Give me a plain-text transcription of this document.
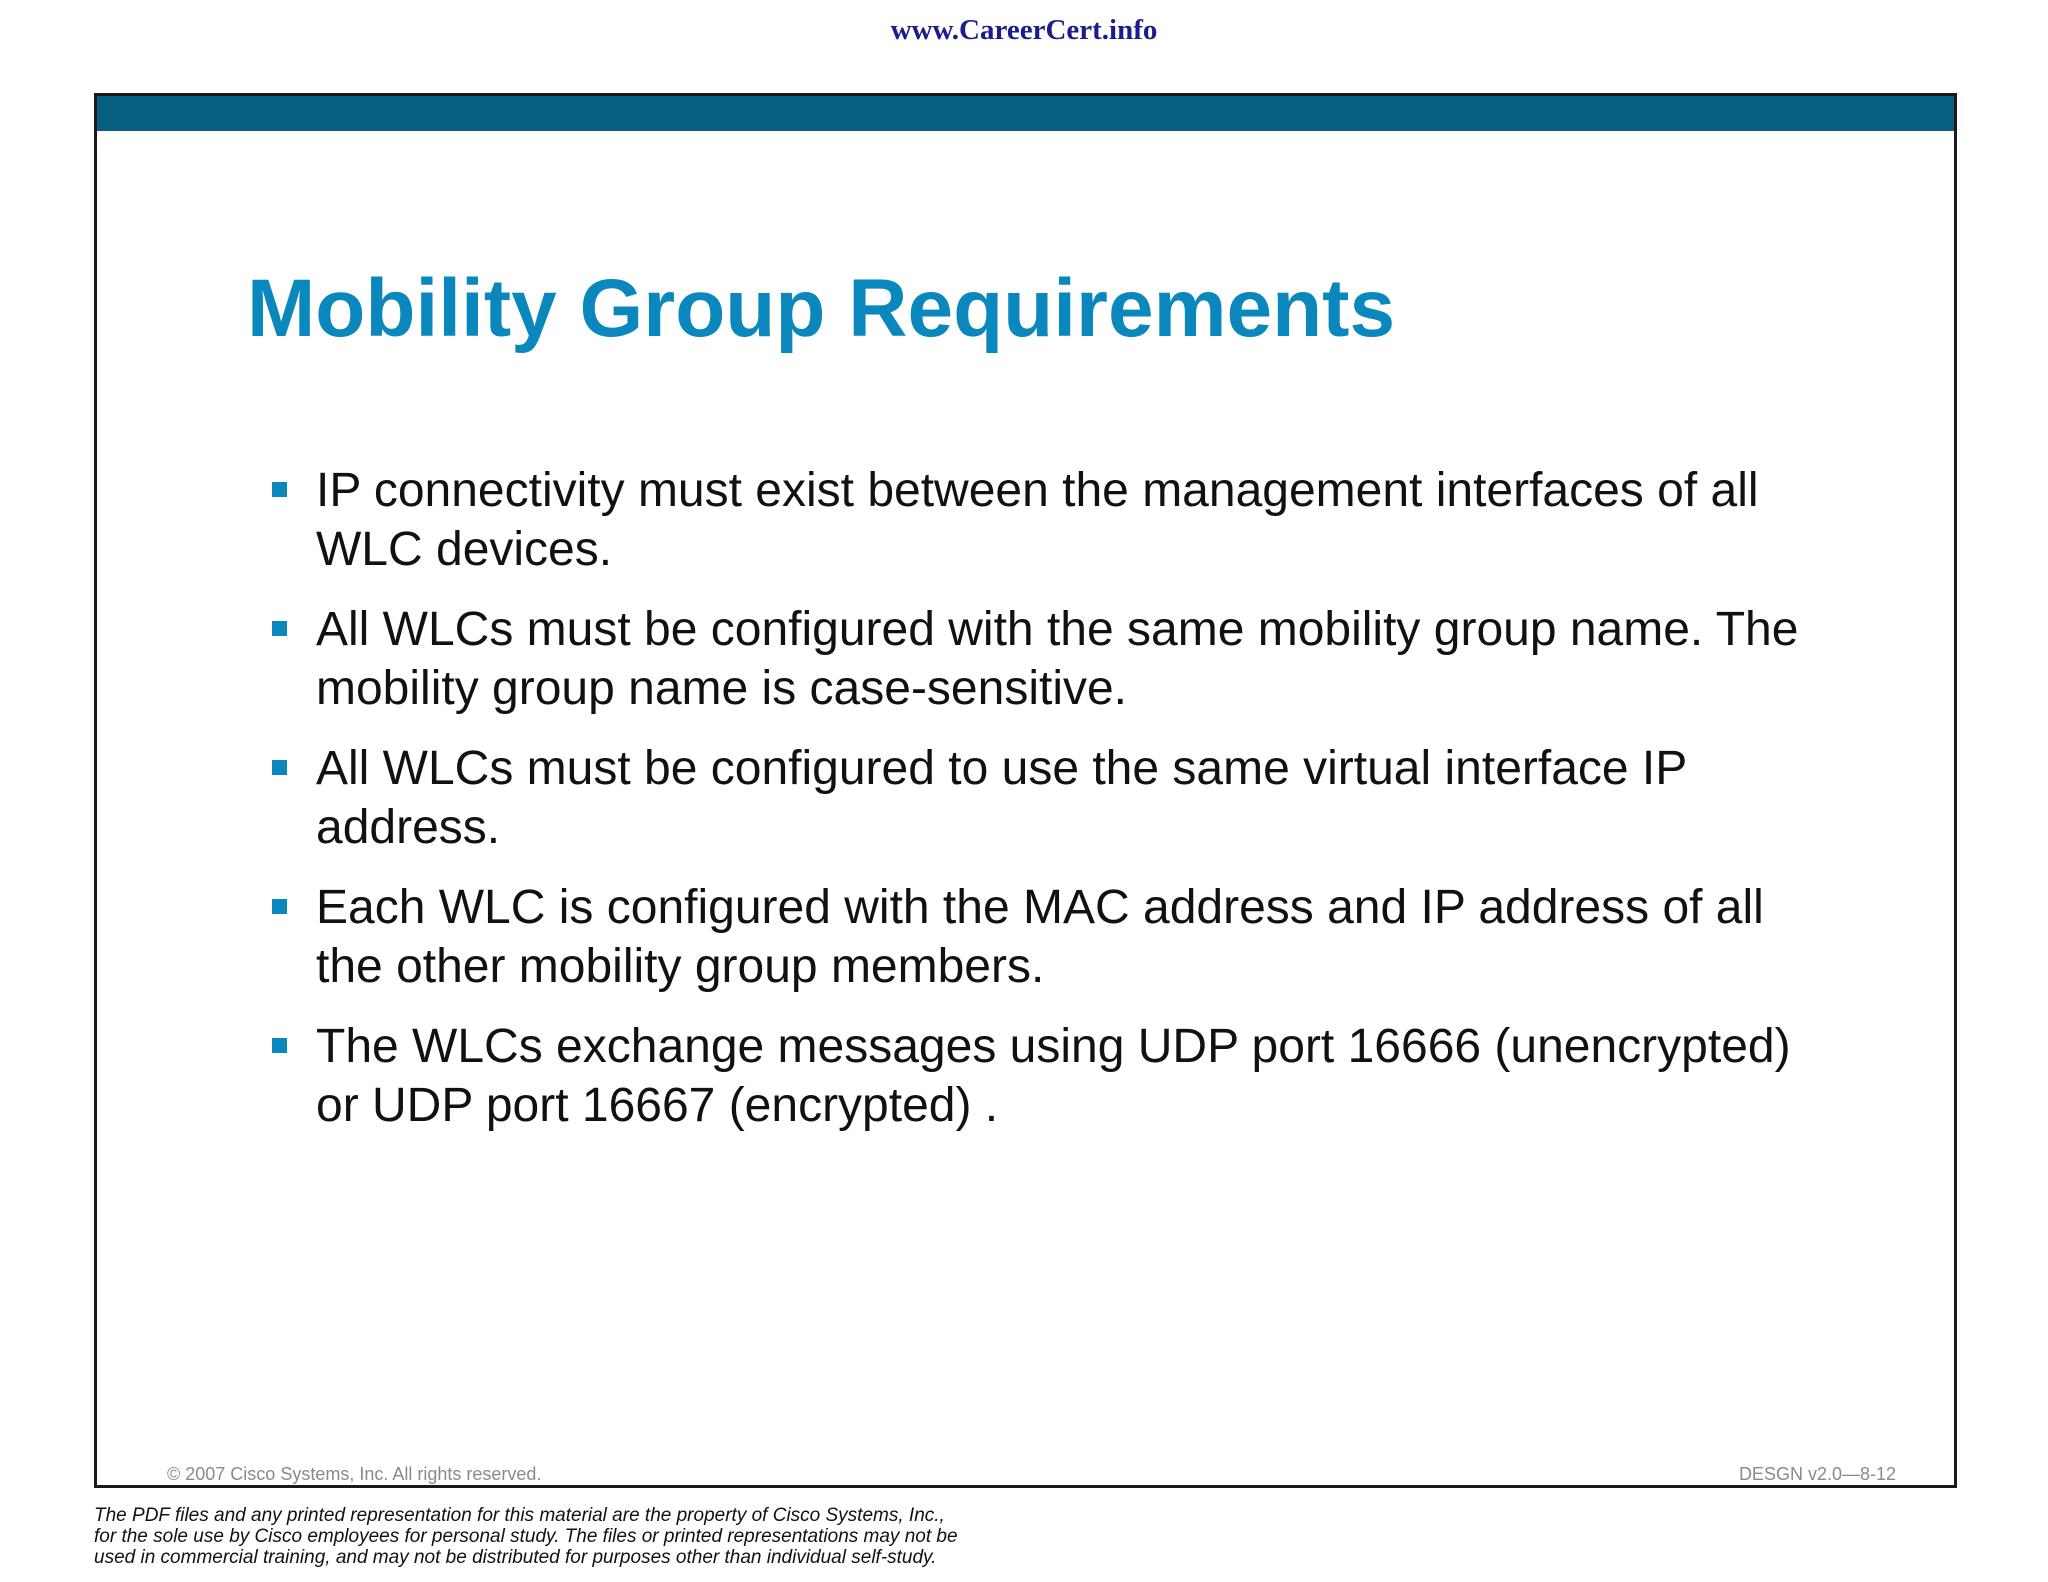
www.CareerCert.info
Mobility Group Requirements
IP connectivity must exist between the management interfaces of all WLC devices.
All WLCs must be configured with the same mobility group name. The mobility group name is case-sensitive.
All WLCs must be configured to use the same virtual interface IP address.
Each WLC is configured with the MAC address and IP address of all the other mobility group members.
The WLCs exchange messages using UDP port 16666 (unencrypted) or UDP port 16667 (encrypted) .
© 2007 Cisco Systems, Inc. All rights reserved.	DESGN v2.0—8-12
The PDF files and any printed representation for this material are the property of Cisco Systems, Inc.,
for the sole use by Cisco employees for personal study. The files or printed representations may not be
used in commercial training, and may not be distributed for purposes other than individual self-study.
